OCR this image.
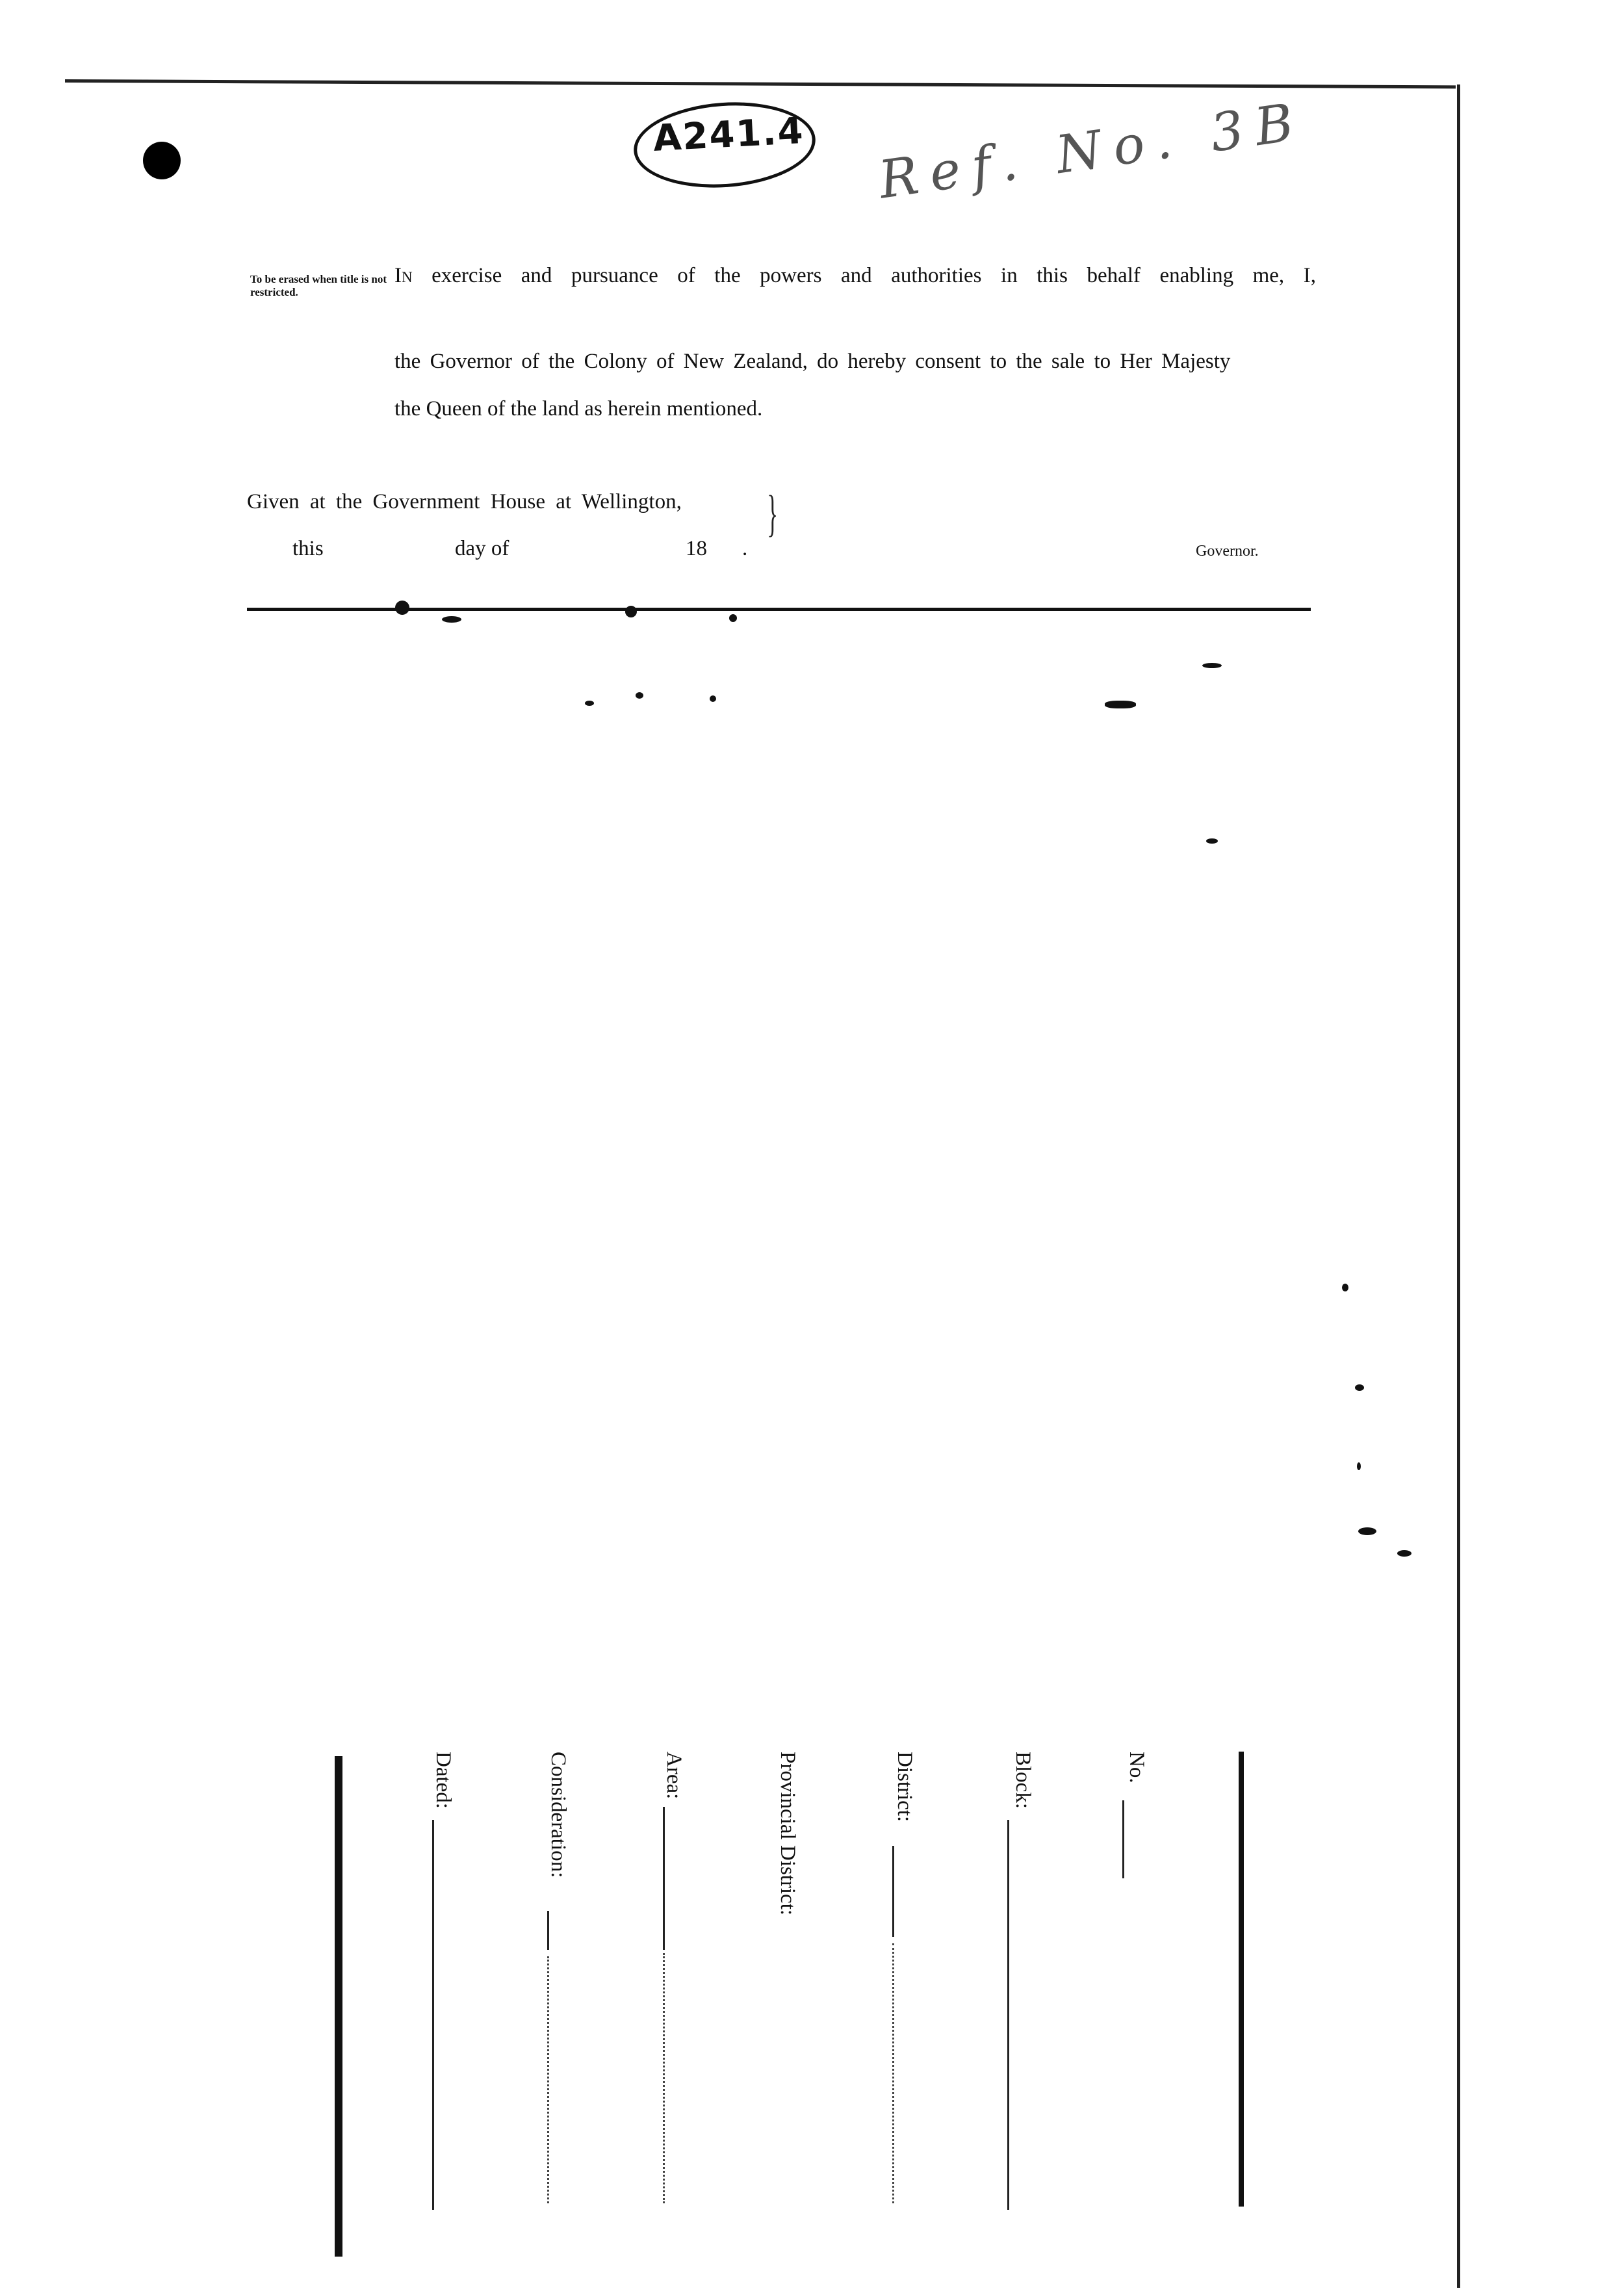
A241.4 Ref. No. 3B
To be erased when title is not restricted.
In exercise and pursuance of the powers and authorities in this behalf enabling me, I,
the Governor of the Colony of New Zealand, do hereby consent to the sale to Her Majesty
the Queen of the land as herein mentioned.
Given at the Government House at Wellington,
this	day of	18 .
}
Governor.
No.
Block:
District:
Provincial District:
Area:
Consideration:
Dated:
